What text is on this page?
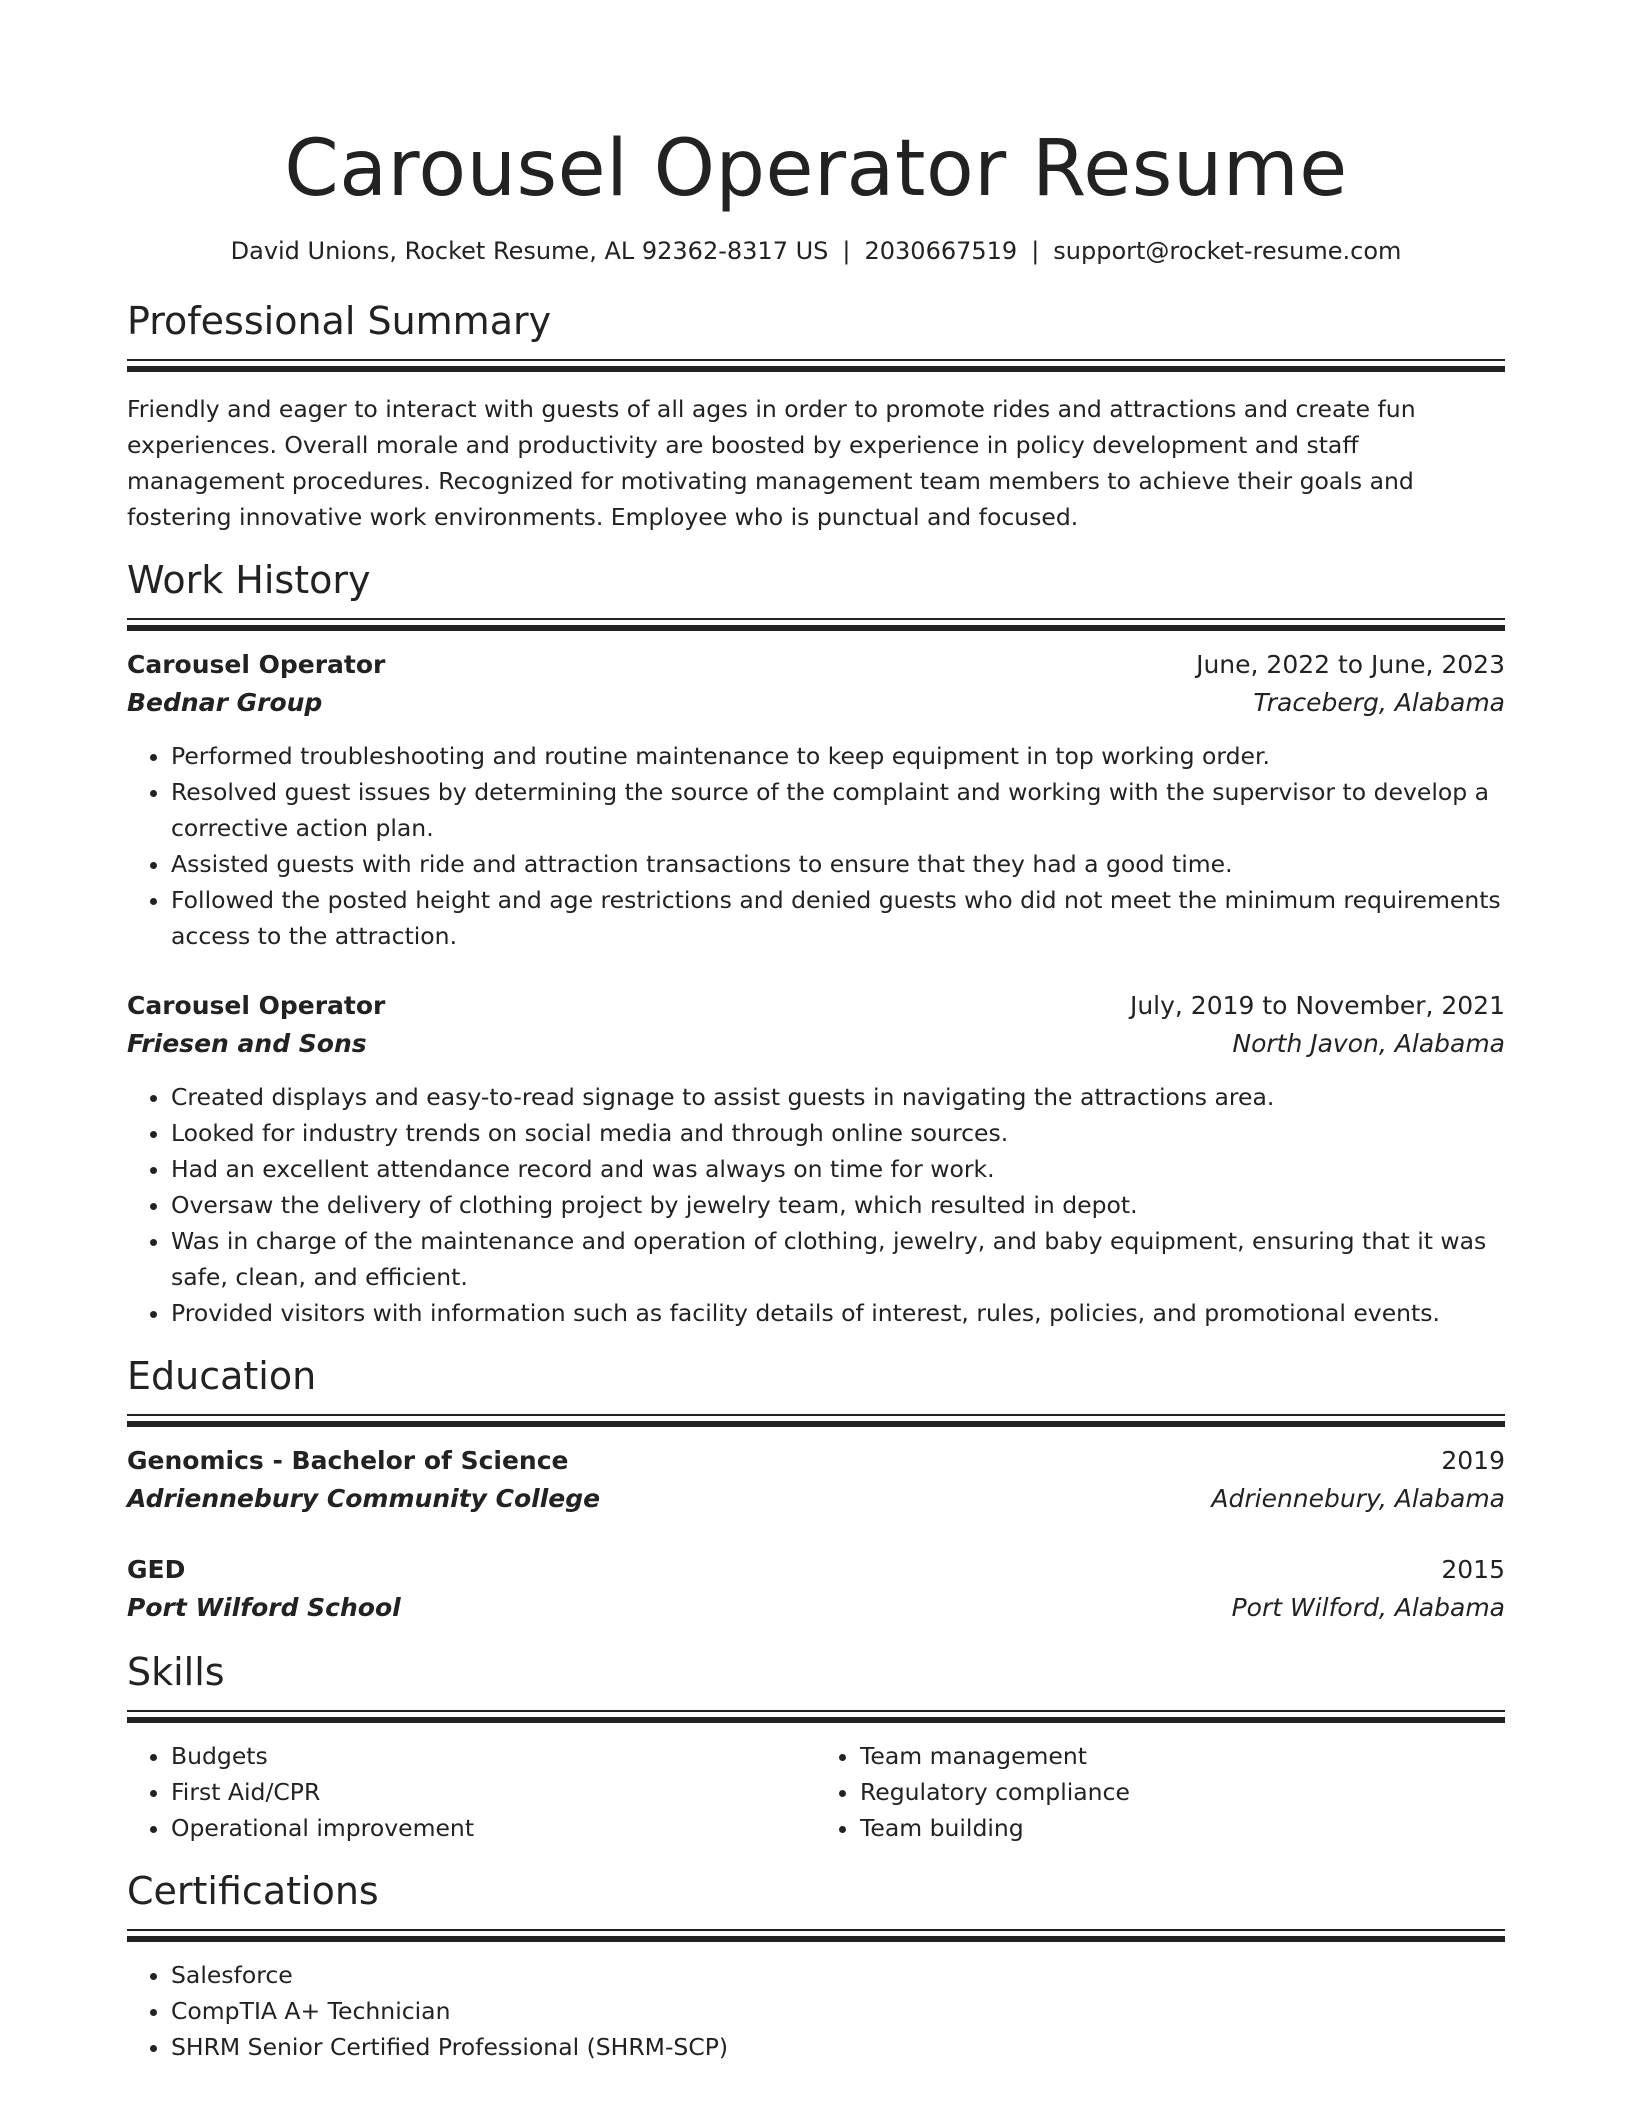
Carousel Operator Resume
David Unions, Rocket Resume, AL 92362-8317 US | 2030667519 | support@rocket-resume.com
Professional Summary

Friendly and eager to interact with guests of all ages in order to promote rides and attractions and create fun experiences. Overall morale and productivity are boosted by experience in policy development and staff management procedures. Recognized for motivating management team members to achieve their goals and fostering innovative work environments. Employee who is punctual and focused.

Work History
Carousel Operator	June, 2022 to June, 2023
Bednar Group	Traceberg, Alabama
• Performed troubleshooting and routine maintenance to keep equipment in top working order.
• Resolved guest issues by determining the source of the complaint and working with the supervisor to develop a corrective action plan.
• Assisted guests with ride and attraction transactions to ensure that they had a good time.
• Followed the posted height and age restrictions and denied guests who did not meet the minimum requirements access to the attraction.
Carousel Operator	July, 2019 to November, 2021
Friesen and Sons	North Javon, Alabama
• Created displays and easy-to-read signage to assist guests in navigating the attractions area.
• Looked for industry trends on social media and through online sources.
• Had an excellent attendance record and was always on time for work.
• Oversaw the delivery of clothing project by jewelry team, which resulted in depot.
• Was in charge of the maintenance and operation of clothing, jewelry, and baby equipment, ensuring that it was safe, clean, and efficient.
• Provided visitors with information such as facility details of interest, rules, policies, and promotional events.
Education
Genomics - Bachelor of Science	2019
Adriennebury Community College	Adriennebury, Alabama
GED	2015
Port Wilford School	Port Wilford, Alabama
Skills
• Budgets
• First Aid/CPR
• Operational improvement
• Team management
• Regulatory compliance
• Team building
Certifications
• Salesforce
• CompTIA A+ Technician
• SHRM Senior Certified Professional (SHRM-SCP)
